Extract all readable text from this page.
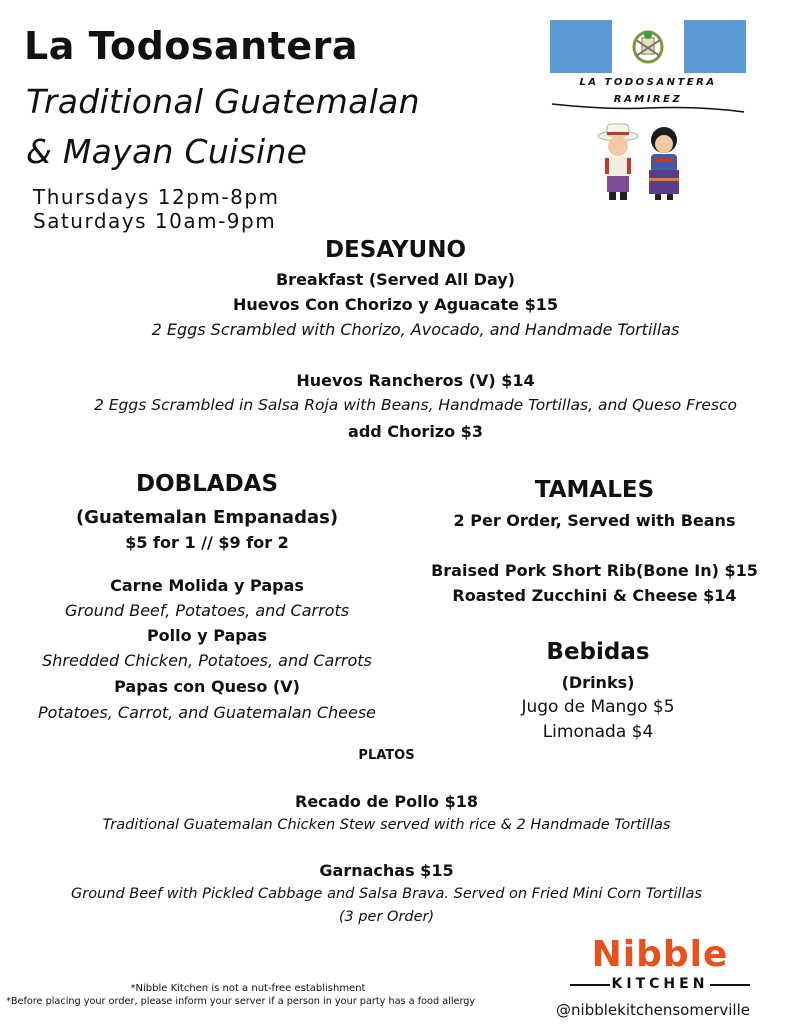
La Todosantera
Traditional Guatemalan
& Mayan Cuisine
Thursdays 12pm-8pm
Saturdays 10am-9pm
LA TODOSANTERA
RAMIREZ
DESAYUNO
Breakfast (Served All Day)
Huevos Con Chorizo y Aguacate $15
2 Eggs Scrambled with Chorizo, Avocado, and Handmade Tortillas
Huevos Rancheros (V) $14
2 Eggs Scrambled in Salsa Roja with Beans, Handmade Tortillas, and Queso Fresco
add Chorizo $3
DOBLADAS
(Guatemalan Empanadas)
$5 for 1 // $9 for 2
Carne Molida y Papas
Ground Beef, Potatoes, and Carrots
Pollo y Papas
Shredded Chicken, Potatoes, and Carrots
Papas con Queso (V)
Potatoes, Carrot, and Guatemalan Cheese
TAMALES
2 Per Order, Served with Beans
Braised Pork Short Rib(Bone In) $15
Roasted Zucchini & Cheese $14
Bebidas
(Drinks)
Jugo de Mango $5
Limonada $4
PLATOS
Recado de Pollo $18
Traditional Guatemalan Chicken Stew served with rice & 2 Handmade Tortillas
Garnachas $15
Ground Beef with Pickled Cabbage and Salsa Brava. Served on Fried Mini Corn Tortillas
(3 per Order)
*Nibble Kitchen is not a nut-free establishment
*Before placing your order, please inform your server if a person in your party has a food allergy
Nibble
KITCHEN
@nibblekitchensomerville
